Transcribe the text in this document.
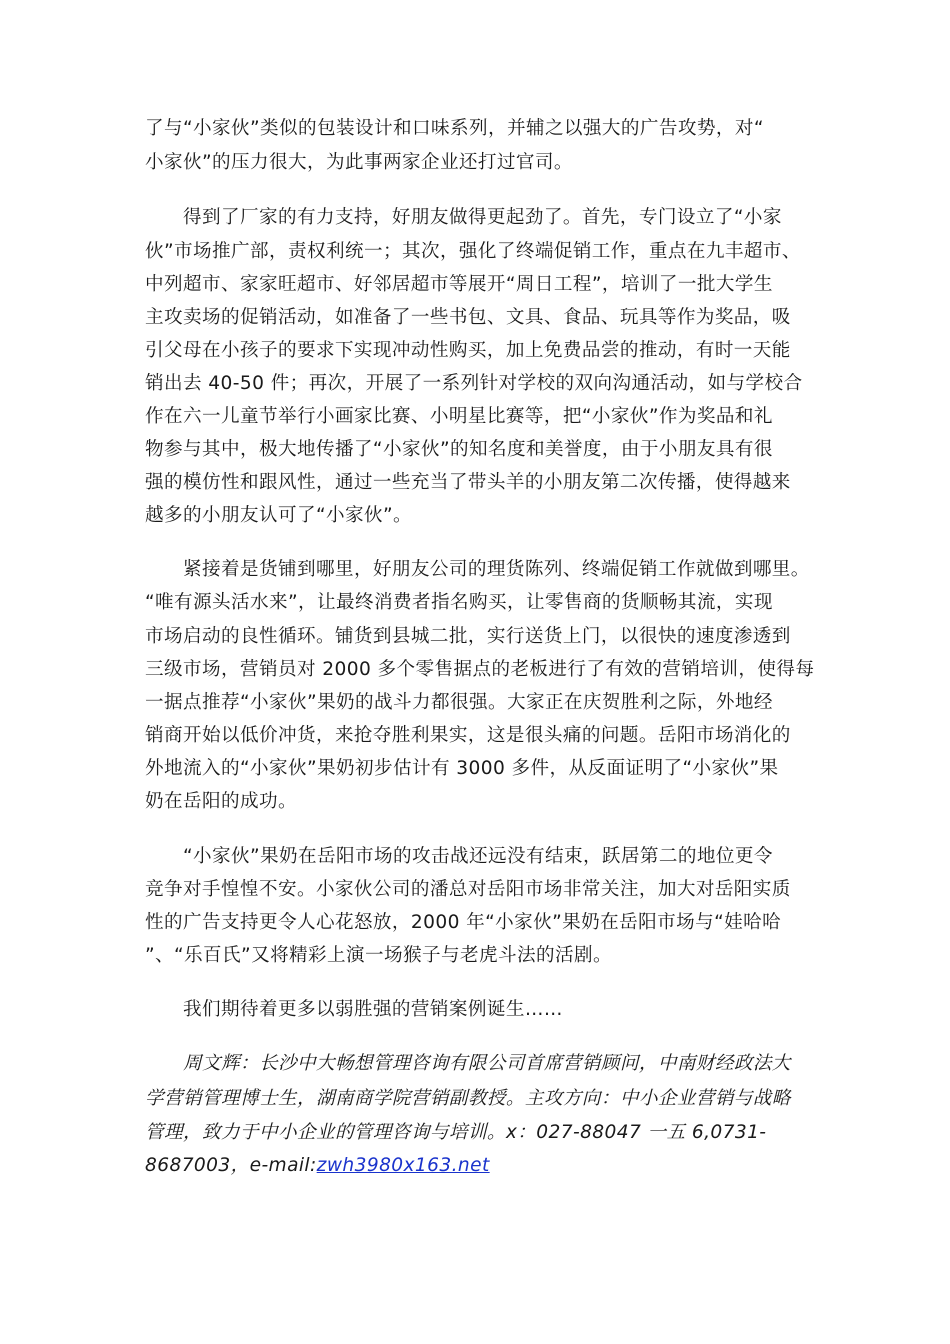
了与“小家伙”类似的包装设计和口味系列，并辅之以强大的广告攻势，对“
小家伙”的压力很大，为此事两家企业还打过官司。
得到了厂家的有力支持，好朋友做得更起劲了。首先，专门设立了“小家
伙”市场推广部，责权利统一；其次，强化了终端促销工作，重点在九丰超市、
中列超市、家家旺超市、好邻居超市等展开“周日工程”，培训了一批大学生
主攻卖场的促销活动，如准备了一些书包、文具、食品、玩具等作为奖品，吸
引父母在小孩子的要求下实现冲动性购买，加上免费品尝的推动，有时一天能
销出去 40-50 件；再次，开展了一系列针对学校的双向沟通活动，如与学校合
作在六一儿童节举行小画家比赛、小明星比赛等，把“小家伙”作为奖品和礼
物参与其中，极大地传播了“小家伙”的知名度和美誉度，由于小朋友具有很
强的模仿性和跟风性，通过一些充当了带头羊的小朋友第二次传播，使得越来
越多的小朋友认可了“小家伙”。
紧接着是货铺到哪里，好朋友公司的理货陈列、终端促销工作就做到哪里。
“唯有源头活水来”，让最终消费者指名购买，让零售商的货顺畅其流，实现
市场启动的良性循环。铺货到县城二批，实行送货上门，以很快的速度渗透到
三级市场，营销员对 2000 多个零售据点的老板进行了有效的营销培训，使得每
一据点推荐“小家伙”果奶的战斗力都很强。大家正在庆贺胜利之际，外地经
销商开始以低价冲货，来抢夺胜利果实，这是很头痛的问题。岳阳市场消化的
外地流入的“小家伙”果奶初步估计有 3000 多件，从反面证明了“小家伙”果
奶在岳阳的成功。
“小家伙”果奶在岳阳市场的攻击战还远没有结束，跃居第二的地位更令
竞争对手惶惶不安。小家伙公司的潘总对岳阳市场非常关注，加大对岳阳实质
性的广告支持更令人心花怒放，2000 年“小家伙”果奶在岳阳市场与“娃哈哈
”、“乐百氏”又将精彩上演一场猴子与老虎斗法的活剧。
我们期待着更多以弱胜强的营销案例诞生……
周文辉：长沙中大畅想管理咨询有限公司首席营销顾问，中南财经政法大
学营销管理博士生，湖南商学院营销副教授。主攻方向：中小企业营销与战略
管理，致力于中小企业的管理咨询与培训。x：027-88047 一五 6,0731-
8687003，e-mail:zwh3980x163.net
